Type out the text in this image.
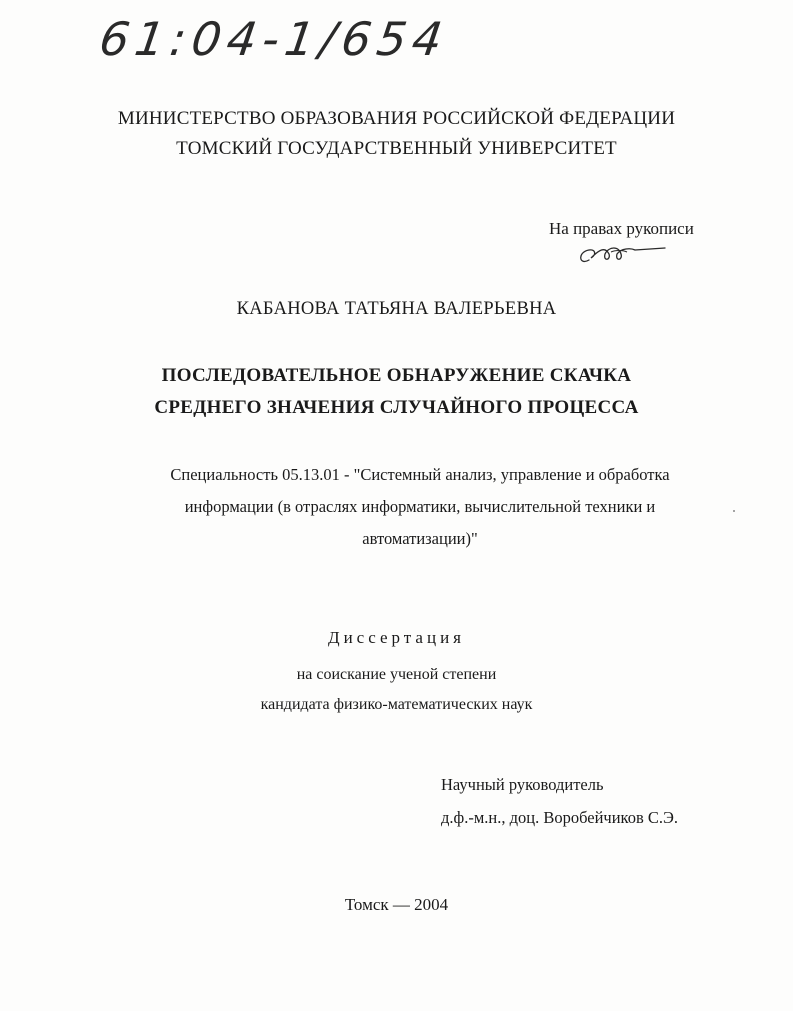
61:04-1/654
МИНИСТЕРСТВО ОБРАЗОВАНИЯ РОССИЙСКОЙ ФЕДЕРАЦИИ
ТОМСКИЙ ГОСУДАРСТВЕННЫЙ УНИВЕРСИТЕТ
На правах рукописи
КАБАНОВА ТАТЬЯНА ВАЛЕРЬЕВНА
ПОСЛЕДОВАТЕЛЬНОЕ ОБНАРУЖЕНИЕ СКАЧКА
СРЕДНЕГО ЗНАЧЕНИЯ СЛУЧАЙНОГО ПРОЦЕССА
Специальность 05.13.01 - "Системный анализ, управление и обработка
информации (в отраслях информатики, вычислительной техники и
автоматизации)"
Диссертация
на соискание ученой степени
кандидата физико-математических наук
Научный руководитель
д.ф.-м.н., доц. Воробейчиков С.Э.
Томск — 2004
